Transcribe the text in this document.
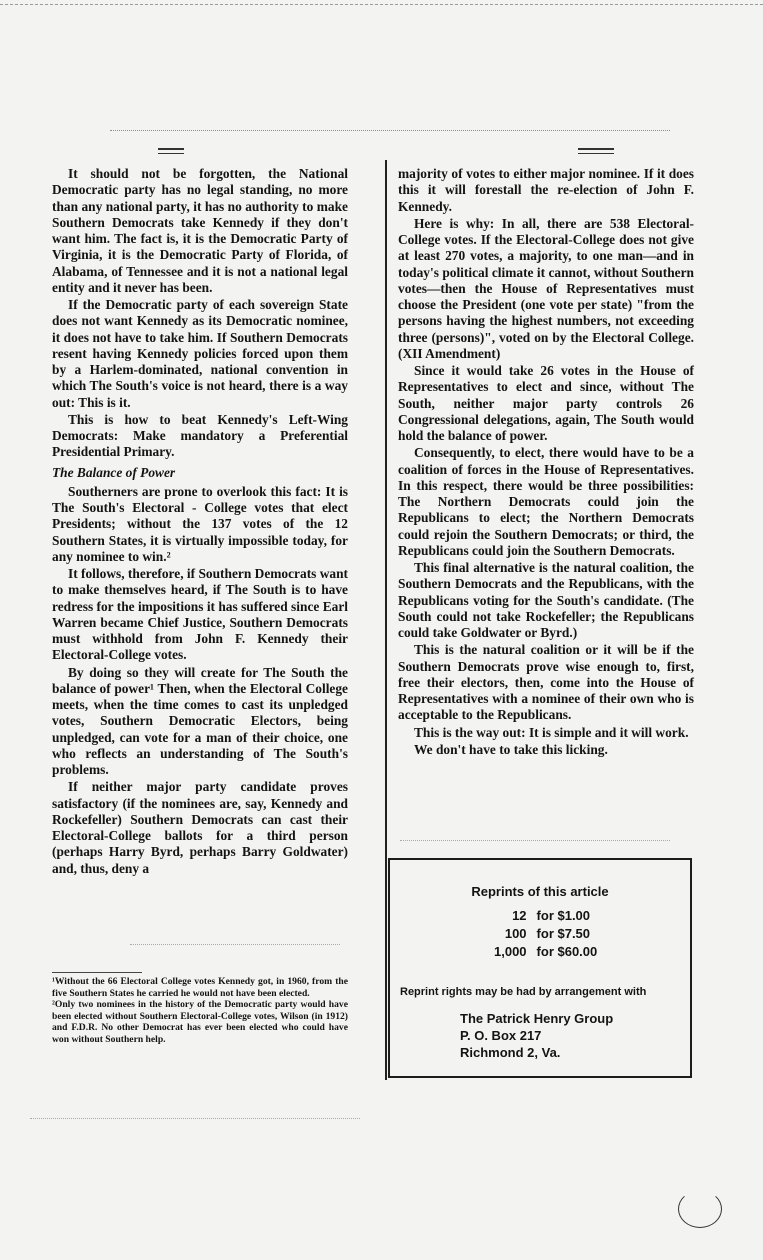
It should not be forgotten, the National Democratic party has no legal standing, no more than any national party, it has no authority to make Southern Democrats take Kennedy if they don't want him. The fact is, it is the Democratic Party of Virginia, it is the Democratic Party of Florida, of Alabama, of Tennessee and it is not a national legal entity and it never has been.

If the Democratic party of each sovereign State does not want Kennedy as its Democratic nominee, it does not have to take him. If Southern Democrats resent having Kennedy policies forced upon them by a Harlem-dominated, national convention in which The South's voice is not heard, there is a way out: This is it.

This is how to beat Kennedy's Left-Wing Democrats: Make mandatory a Preferential Presidential Primary.

The Balance of Power

Southerners are prone to overlook this fact: It is The South's Electoral - College votes that elect Presidents; without the 137 votes of the 12 Southern States, it is virtually impossible today, for any nominee to win.²

It follows, therefore, if Southern Democrats want to make themselves heard, if The South is to have redress for the impositions it has suffered since Earl Warren became Chief Justice, Southern Democrats must withhold from John F. Kennedy their Electoral-College votes.

By doing so they will create for The South the balance of power¹ Then, when the Electoral College meets, when the time comes to cast its unpledged votes, Southern Democratic Electors, being unpledged, can vote for a man of their choice, one who reflects an understanding of The South's problems.

If neither major party candidate proves satisfactory (if the nominees are, say, Kennedy and Rockefeller) Southern Democrats can cast their Electoral-College ballots for a third person (perhaps Harry Byrd, perhaps Barry Goldwater) and, thus, deny a

¹Without the 66 Electoral College votes Kennedy got, in 1960, from the five Southern States he carried he would not have been elected.

²Only two nominees in the history of the Democratic party would have been elected without Southern Electoral-College votes, Wilson (in 1912) and F.D.R. No other Democrat has ever been elected who could have won without Southern help.

majority of votes to either major nominee. If it does this it will forestall the re-election of John F. Kennedy.

Here is why: In all, there are 538 Electoral-College votes. If the Electoral-College does not give at least 270 votes, a majority, to one man—and in today's political climate it cannot, without Southern votes—then the House of Representatives must choose the President (one vote per state) "from the persons having the highest numbers, not exceeding three (persons)", voted on by the Electoral College. (XII Amendment)

Since it would take 26 votes in the House of Representatives to elect and since, without The South, neither major party controls 26 Congressional delegations, again, The South would hold the balance of power.

Consequently, to elect, there would have to be a coalition of forces in the House of Representatives. In this respect, there would be three possibilities: The Northern Democrats could join the Republicans to elect; the Northern Democrats could rejoin the Southern Democrats; or third, the Republicans could join the Southern Democrats.

This final alternative is the natural coalition, the Southern Democrats and the Republicans, with the Republicans voting for the South's candidate. (The South could not take Rockefeller; the Republicans could take Goldwater or Byrd.)

This is the natural coalition or it will be if the Southern Democrats prove wise enough to, first, free their electors, then, come into the House of Representatives with a nominee of their own who is acceptable to the Republicans.

This is the way out: It is simple and it will work.

We don't have to take this licking.

Reprints of this article
12	for $1.00
100	for $7.50
1,000	for $60.00
Reprint rights may be had by arrangement with
The Patrick Henry Group
P. O. Box 217
Richmond 2, Va.
